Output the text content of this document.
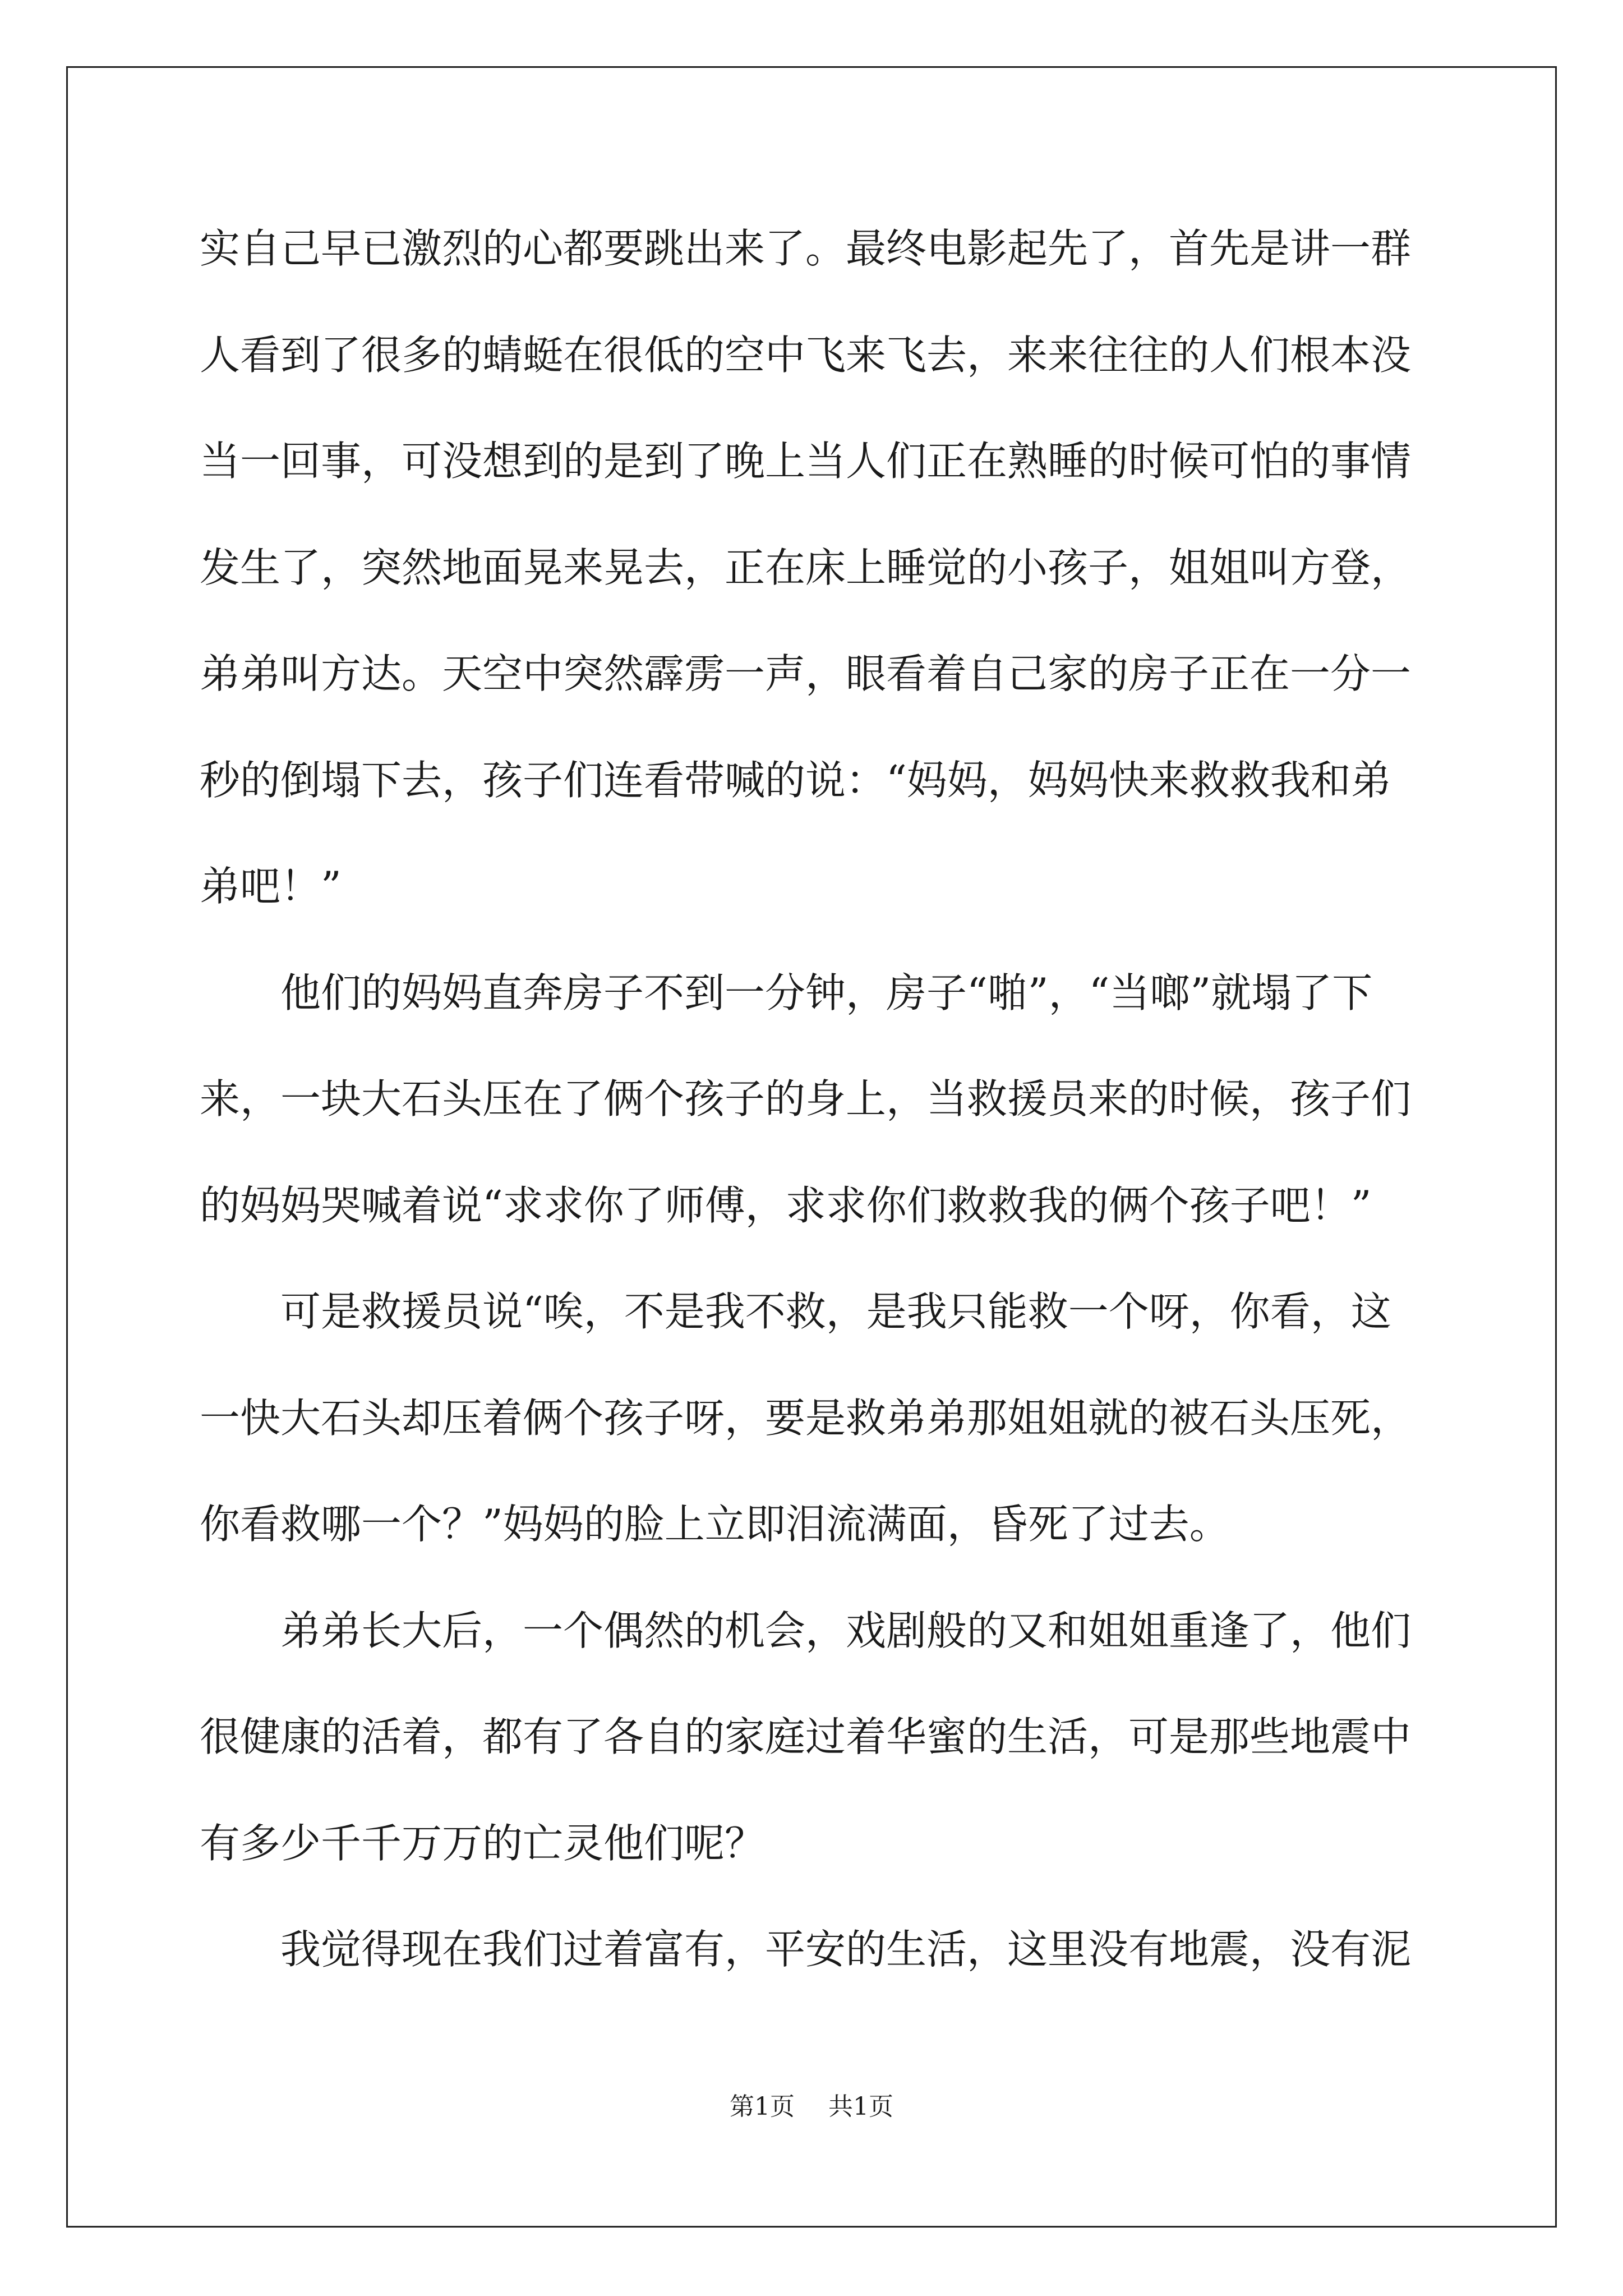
实自己早已激烈的心都要跳出来了。最终电影起先了，首先是讲一群
人看到了很多的蜻蜓在很低的空中飞来飞去，来来往往的人们根本没
当一回事，可没想到的是到了晚上当人们正在熟睡的时候可怕的事情
发生了，突然地面晃来晃去，正在床上睡觉的小孩子，姐姐叫方登，
弟弟叫方达。天空中突然霹雳一声，眼看着自己家的房子正在一分一
秒的倒塌下去，孩子们连看带喊的说：“妈妈，妈妈快来救救我和弟
弟吧！”
　　他们的妈妈直奔房子不到一分钟，房子“啪”，“当啷”就塌了下
来，一块大石头压在了俩个孩子的身上，当救援员来的时候，孩子们
的妈妈哭喊着说“求求你了师傅，求求你们救救我的俩个孩子吧！”
　　可是救援员说“唉，不是我不救，是我只能救一个呀，你看，这
一快大石头却压着俩个孩子呀，要是救弟弟那姐姐就的被石头压死，
你看救哪一个？”妈妈的脸上立即泪流满面，昏死了过去。
　　弟弟长大后，一个偶然的机会，戏剧般的又和姐姐重逢了，他们
很健康的活着，都有了各自的家庭过着华蜜的生活，可是那些地震中
有多少千千万万的亡灵他们呢？
　　我觉得现在我们过着富有，平安的生活，这里没有地震，没有泥
第1页 共1页
